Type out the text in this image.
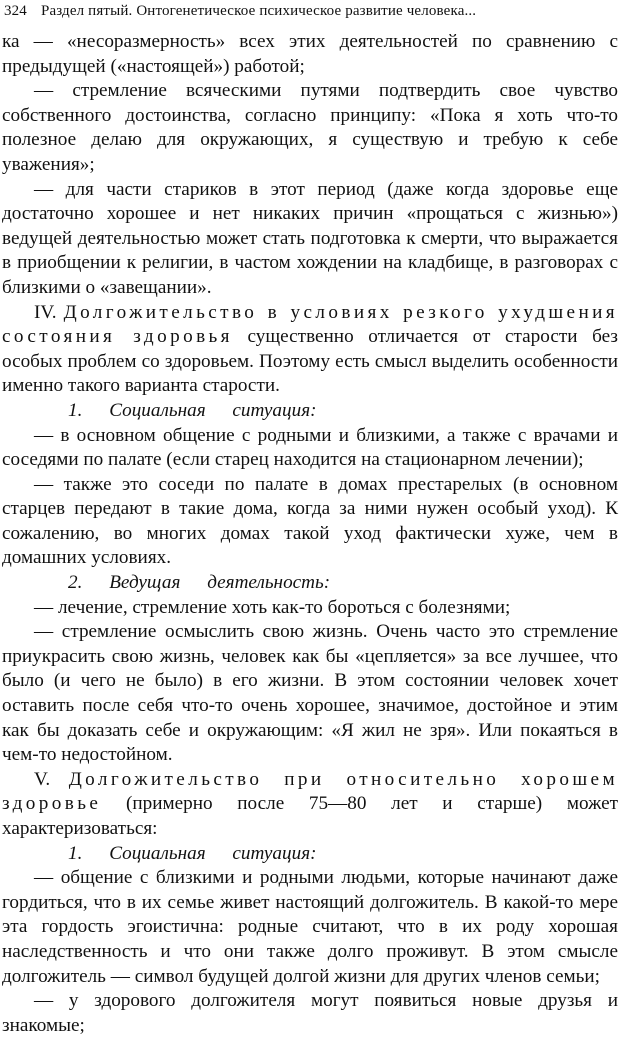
324 Раздел пятый. Онтогенетическое психическое развитие человека...

ка — «несоразмерность» всех этих деятельностей по сравнению с предыдущей («настоящей») работой;

— стремление всяческими путями подтвердить свое чувство собственного достоинства, согласно принципу: «Пока я хоть что-то полезное делаю для окружающих, я существую и требую к себе уважения»;

— для части стариков в этот период (даже когда здоровье еще достаточно хорошее и нет никаких причин «прощаться с жизнью») ведущей деятельностью может стать подготовка к смерти, что выражается в приобщении к религии, в частом хождении на кладбище, в разговорах с близкими о «завещании».

IV. Долгожительство в условиях резкого ухудшения состояния здоровья существенно отличается от старости без особых проблем со здоровьем. Поэтому есть смысл выделить особенности именно такого варианта старости.

1. Социальная ситуация:

— в основном общение с родными и близкими, а также с врачами и соседями по палате (если старец находится на стационарном лечении);

— также это соседи по палате в домах престарелых (в основном старцев передают в такие дома, когда за ними нужен особый уход). К сожалению, во многих домах такой уход фактически хуже, чем в домашних условиях.

2. Ведущая деятельность:

— лечение, стремление хоть как-то бороться с болезнями;

— стремление осмыслить свою жизнь. Очень часто это стремление приукрасить свою жизнь, человек как бы «цепляется» за все лучшее, что было (и чего не было) в его жизни. В этом состоянии человек хочет оставить после себя что-то очень хорошее, значимое, достойное и этим как бы доказать себе и окружающим: «Я жил не зря». Или покаяться в чем-то недостойном.

V. Долгожительство при относительно хорошем здоровье (примерно после 75—80 лет и старше) может характеризоваться:

1. Социальная ситуация:

— общение с близкими и родными людьми, которые начинают даже гордиться, что в их семье живет настоящий долгожитель. В какой-то мере эта гордость эгоистична: родные считают, что в их роду хорошая наследственность и что они также долго проживут. В этом смысле долгожитель — символ будущей долгой жизни для других членов семьи;

— у здорового долгожителя могут появиться новые друзья и знакомые;
